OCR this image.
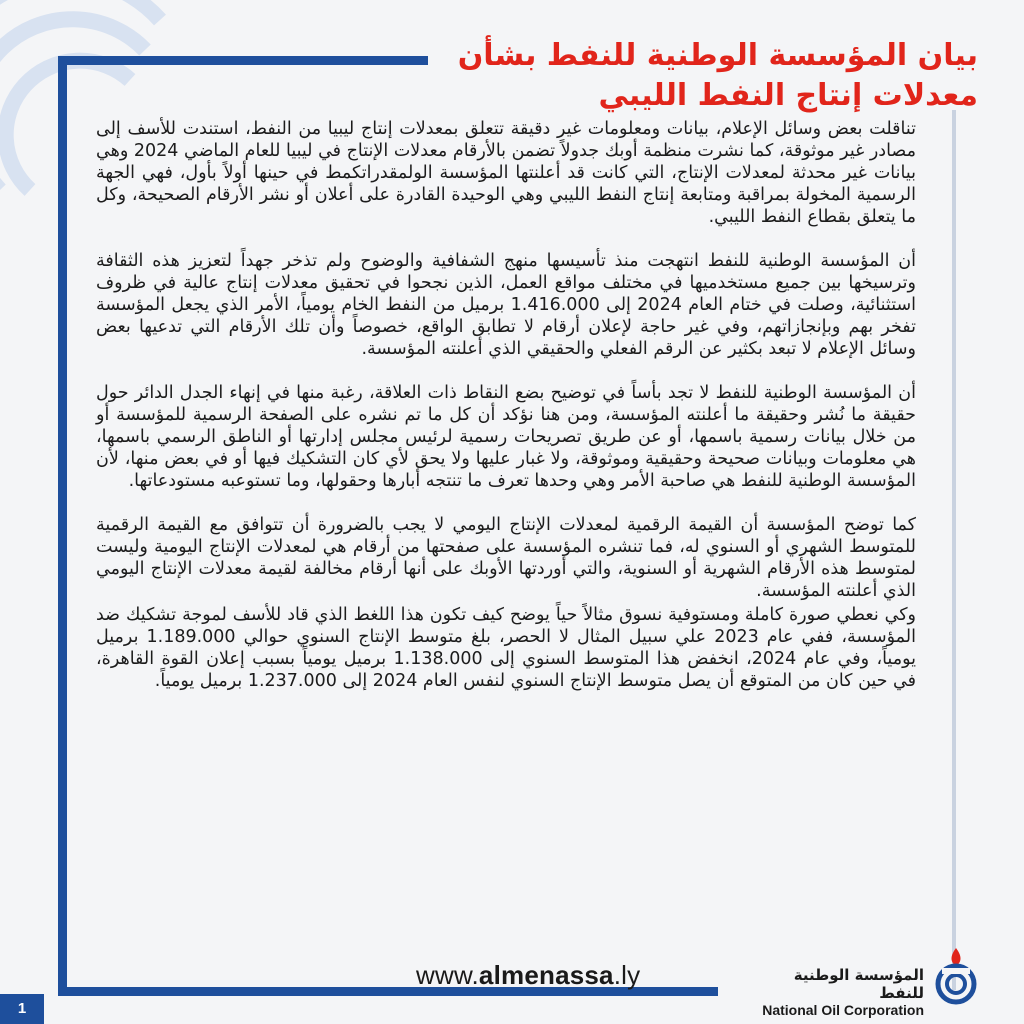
بيان المؤسسة الوطنية للنفط بشأن
معدلات إنتاج النفط الليبي

تناقلت بعض وسائل الإعلام، بيانات ومعلومات غير دقيقة تتعلق بمعدلات إنتاج ليبيا من النفط، استندت للأسف إلى مصادر غير موثوقة، كما نشرت منظمة أوبك جدولاً تضمن بالأرقام معدلات الإنتاج في ليبيا للعام الماضي 2024 وهي بيانات غير محدثة لمعدلات الإنتاج، التي كانت قد أعلنتها المؤسسة الولمقدراتكمط في حينها أولاً بأول، فهي الجهة الرسمية المخولة بمراقبة ومتابعة إنتاج النفط الليبي وهي الوحيدة القادرة على أعلان أو نشر الأرقام الصحيحة، وكل ما يتعلق بقطاع النفط الليبي.

أن المؤسسة الوطنية للنفط انتهجت منذ تأسيسها منهج الشفافية والوضوح ولم تذخر جهداً لتعزيز هذه الثقافة وترسيخها بين جميع مستخدميها في مختلف مواقع العمل، الذين نجحوا في تحقيق معدلات إنتاج عالية في ظروف استثنائية، وصلت في ختام العام 2024 إلى 1.416.000 برميل من النفط الخام يومياً، الأمر الذي يجعل المؤسسة تفخر بهم وبإنجازاتهم، وفي غير حاجة لإعلان أرقام لا تطابق الواقع، خصوصاً وأن تلك الأرقام التي تدعيها بعض وسائل الإعلام لا تبعد بكثير عن الرقم الفعلي والحقيقي الذي أعلنته المؤسسة.

أن المؤسسة الوطنية للنفط لا تجد بأساً في توضيح بضع النقاط ذات العلاقة، رغبة منها في إنهاء الجدل الدائر حول حقيقة ما نُشر وحقيقة ما أعلنته المؤسسة، ومن هنا نؤكد أن كل ما تم نشره على الصفحة الرسمية للمؤسسة أو من خلال بيانات رسمية باسمها، أو عن طريق تصريحات رسمية لرئيس مجلس إدارتها أو الناطق الرسمي باسمها، هي معلومات وبيانات صحيحة وحقيقية وموثوقة، ولا غبار عليها ولا يحق لأي كان التشكيك فيها أو في بعض منها، لأن المؤسسة الوطنية للنفط هي صاحبة الأمر وهي وحدها تعرف ما تنتجه أبارها وحقولها، وما تستوعبه مستودعاتها.

كما توضح المؤسسة أن القيمة الرقمية لمعدلات الإنتاج اليومي لا يجب بالضرورة أن تتوافق مع القيمة الرقمية للمتوسط الشهري أو السنوي له، فما تنشره المؤسسة على صفحتها من أرقام هي لمعدلات الإنتاج اليومية وليست لمتوسط هذه الأرقام الشهرية أو السنوية، والتي أوردتها الأوبك على أنها أرقام مخالفة لقيمة معدلات الإنتاج اليومي الذي أعلنته المؤسسة.

وكي نعطي صورة كاملة ومستوفية نسوق مثالاً حياً يوضح كيف تكون هذا اللغط الذي قاد للأسف لموجة تشكيك ضد المؤسسة، ففي عام 2023 علي سبيل المثال لا الحصر، بلغ متوسط الإنتاج السنوي حوالي 1.189.000 برميل يومياً، وفي عام 2024، انخفض هذا المتوسط السنوي إلى 1.138.000 برميل يومياً بسبب إعلان القوة القاهرة، في حين كان من المتوقع أن يصل متوسط الإنتاج السنوي لنفس العام 2024 إلى 1.237.000 برميل يومياً.

www.almenassa.ly	المؤسسة الوطنية للنفط
National Oil Corporation
1
